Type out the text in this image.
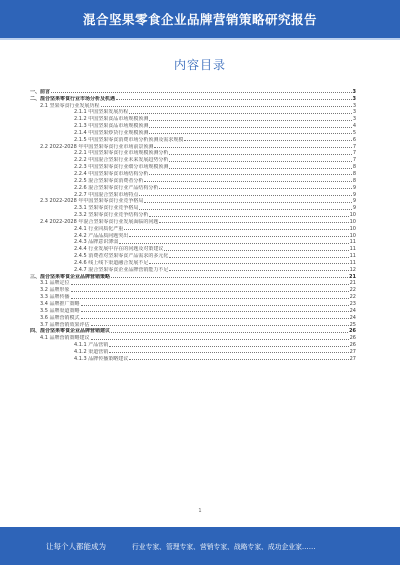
混合坚果零食企业品牌营销策略研究报告
内容目录
一、前言	3
二、混合坚果零食行业市场分析及机遇	3
2.1 坚果零食行业发展历程	3
2.1.1 中国坚果发展历程	3
2.1.2 中国坚果食品市场规模预测	3
2.1.3 中国坚果食品市场规模预测	4
2.1.4 中国坚果炒货行业规模预测	5
2.1.5 中国坚果零食消费市场分析预测及需求规模	6
2.2 2022-2028 年中国坚果零食行业市场前景预测	7
2.2.1 中国坚果零食行业市场规模预测分析	7
2.2.2 中国混合坚果行业未来发展趋势分析	7
2.2.3 中国坚果零食行业细分市场规模预测	8
2.2.4 中国坚果零食市场结构分析	8
2.2.5 混合坚果零食消费者分析	8
2.2.6 混合坚果零食行业产品结构分析	9
2.2.7 中国混合坚果市场特点	9
2.3 2022-2028 年中国坚果零食行业竞争格局	9
2.3.1 坚果零食行业竞争格局	9
2.3.2 坚果零食行业竞争结构分析	10
2.4 2022-2028 年混合坚果零食行业发展面临的问题	10
2.4.1 行业同质化严重	10
2.4.2 产品品质问题突出	10
2.4.3 品牌意识薄弱	11
2.4.4 行业发展中存在的问题及对策建议	11
2.4.5 消费者对坚果零食产品需求的多元化	11
2.4.6 线上线下渠道融合发展不足	11
2.4.7 混合坚果零食企业品牌营销能力不足	12
三、混合坚果零食企业品牌营销策略	21
3.1 品牌定位	21
3.2 品牌形象	22
3.3 品牌传播	22
3.4 品牌推广策略	23
3.5 品牌渠道策略	24
3.6 品牌营销模式	24
3.7 品牌营销效果评估	25
四、混合坚果零食企业品牌营销建议	26
4.1 品牌营销策略建议	26
4.1.1 产品营销	26
4.1.2 渠道营销	27
4.1.3 品牌传播策略建议	27
1
让每个人都能成为	行业专家、管理专家、营销专家、战略专家、成功企业家……
